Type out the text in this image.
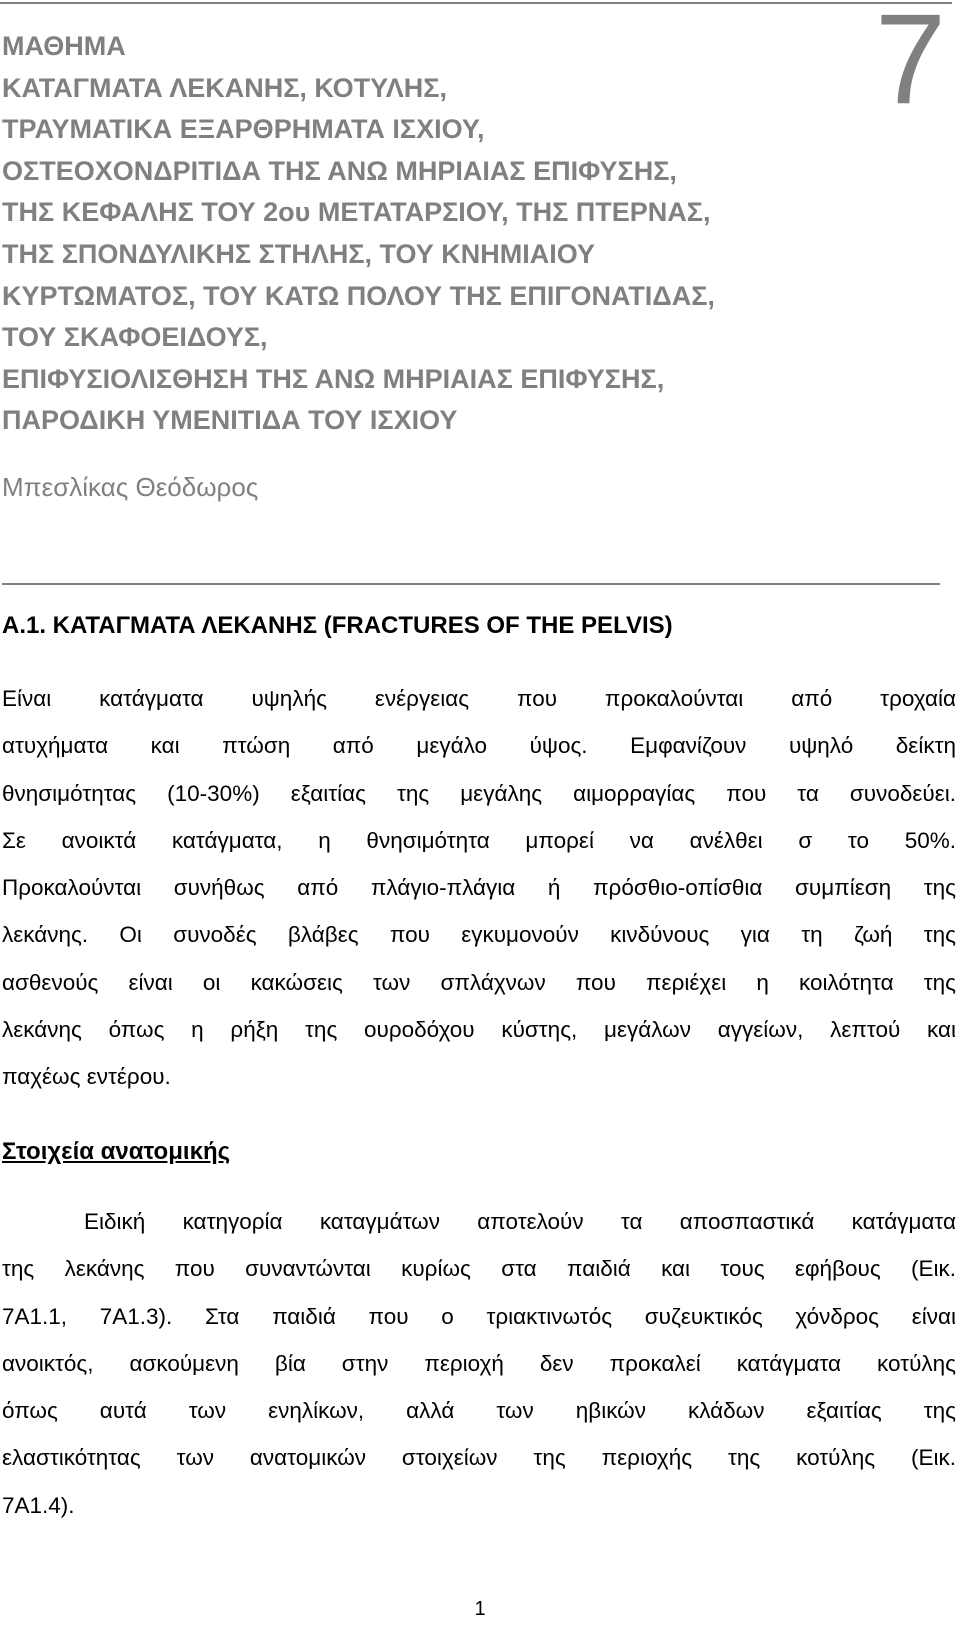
7
ΜΑΘΗΜΑ
ΚΑΤΑΓΜΑΤΑ ΛΕΚΑΝΗΣ, ΚΟΤΥΛΗΣ,
ΤΡΑΥΜΑΤΙΚΑ ΕΞΑΡΘΡΗΜΑΤΑ ΙΣΧΙΟΥ,
ΟΣΤΕΟΧΟΝΔΡΙΤΙΔΑ ΤΗΣ ΑΝΩ ΜΗΡΙΑΙΑΣ ΕΠΙΦΥΣΗΣ,
ΤΗΣ ΚΕΦΑΛΗΣ ΤΟΥ 2ου ΜΕΤΑΤΑΡΣΙΟΥ, ΤΗΣ ΠΤΕΡΝΑΣ,
ΤΗΣ ΣΠΟΝΔΥΛΙΚΗΣ ΣΤΗΛΗΣ, ΤΟΥ ΚΝΗΜΙΑΙΟΥ
ΚΥΡΤΩΜΑΤΟΣ, ΤΟΥ ΚΑΤΩ ΠΟΛΟΥ ΤΗΣ ΕΠΙΓΟΝΑΤΙΔΑΣ,
ΤΟΥ ΣΚΑΦΟΕΙΔΟΥΣ,
ΕΠΙΦΥΣΙΟΛΙΣΘΗΣΗ ΤΗΣ ΑΝΩ ΜΗΡΙΑΙΑΣ ΕΠΙΦΥΣΗΣ,
ΠΑΡΟΔΙΚΗ ΥΜΕΝΙΤΙΔΑ ΤΟΥ ΙΣΧΙΟΥ
Μπεσλίκας Θεόδωρος
Α.1. ΚΑΤΑΓΜΑΤΑ ΛΕΚΑΝΗΣ (FRACTURES OF THE PELVIS)
Είναι κατάγματα υψηλής ενέργειας που προκαλούνται από τροχαία
ατυχήματα και πτώση από μεγάλο ύψος. Εμφανίζουν υψηλό δείκτη
θνησιμότητας (10-30%) εξαιτίας της μεγάλης αιμορραγίας που τα συνοδεύει.
Σε ανοικτά κατάγματα, η θνησιμότητα μπορεί να ανέλθει σ το 50%.
Προκαλούνται συνήθως από πλάγιο-πλάγια ή πρόσθιο-οπίσθια συμπίεση της
λεκάνης. Οι συνοδές βλάβες που εγκυμονούν κινδύνους για τη ζωή της
ασθενούς είναι οι κακώσεις των σπλάχνων που περιέχει η κοιλότητα της
λεκάνης όπως η ρήξη της ουροδόχου κύστης, μεγάλων αγγείων, λεπτού και
παχέως εντέρου.
Στοιχεία ανατομικής
Ειδική κατηγορία καταγμάτων αποτελούν τα αποσπαστικά κατάγματα
της λεκάνης που συναντώνται κυρίως στα παιδιά και τους εφήβους (Εικ.
7Α1.1, 7Α1.3). Στα παιδιά που ο τριακτινωτός συζευκτικός χόνδρος είναι
ανοικτός, ασκούμενη βία στην περιοχή δεν προκαλεί κατάγματα κοτύλης
όπως αυτά των ενηλίκων, αλλά των ηβικών κλάδων εξαιτίας της
ελαστικότητας των ανατομικών στοιχείων της περιοχής της κοτύλης (Εικ.
7Α1.4).
1
